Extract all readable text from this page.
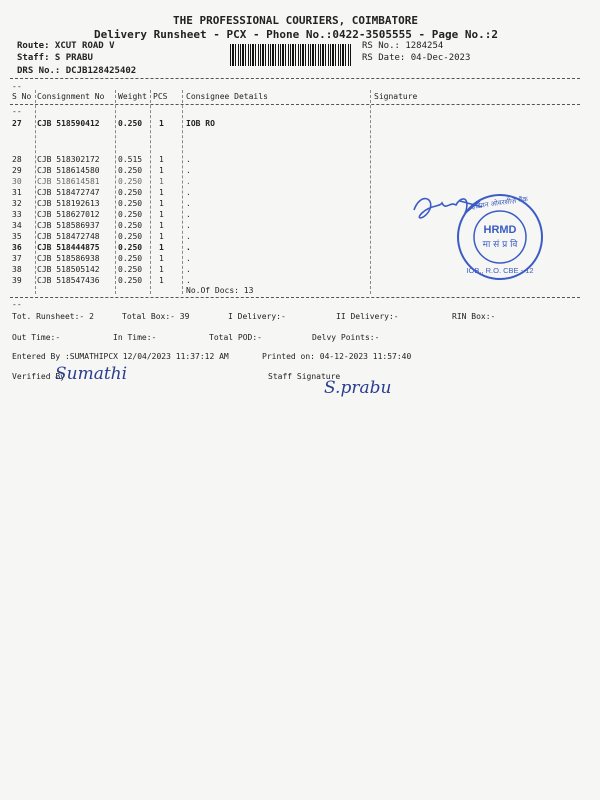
THE PROFESSIONAL COURIERS, COIMBATORE
Delivery Runsheet - PCX - Phone No.:0422-3505555 - Page No.:2
Route: XCUT ROAD V
Staff: S PRABU
DRS No.: DCJB128425402
RS No.: 1284254
RS Date: 04-Dec-2023
--
S No Consignment No Weight PCS Consignee Details	Signature
--
27 CJB 518590412 0.250 1	IOB RO
28 CJB 518302172 0.515 1	.
29 CJB 518614580 0.250 1	.
30 CJB 518614581 0.250 1	.
31 CJB 518472747 0.250 1	.
32 CJB 518192613 0.250 1	.
33 CJB 518627012 0.250 1	.
34 CJB 518586937 0.250 1	.
35 CJB 518472748 0.250 1	.
36 CJB 518444875 0.250 1	.
37 CJB 518586938 0.250 1	.
38 CJB 518505142 0.250 1	.
39 CJB 518547436 0.250 1	.
No.Of Docs: 13
--
HRMD
मा सं प्र वि
इंडियन ओवरसीज़ बैंक
IOB., R.O. CBE - 12
Tot. Runsheet:- 2	Total Box:- 39	I Delivery:-	II Delivery:-	RIN Box:-
Out Time:-	In Time:-	Total POD:-	Delvy Points:-
Entered By :SUMATHIPCX 12/04/2023 11:37:12 AM	Printed on: 04-12-2023 11:57:40
Verified By
Sumathi	Staff Signature
S.prabu
